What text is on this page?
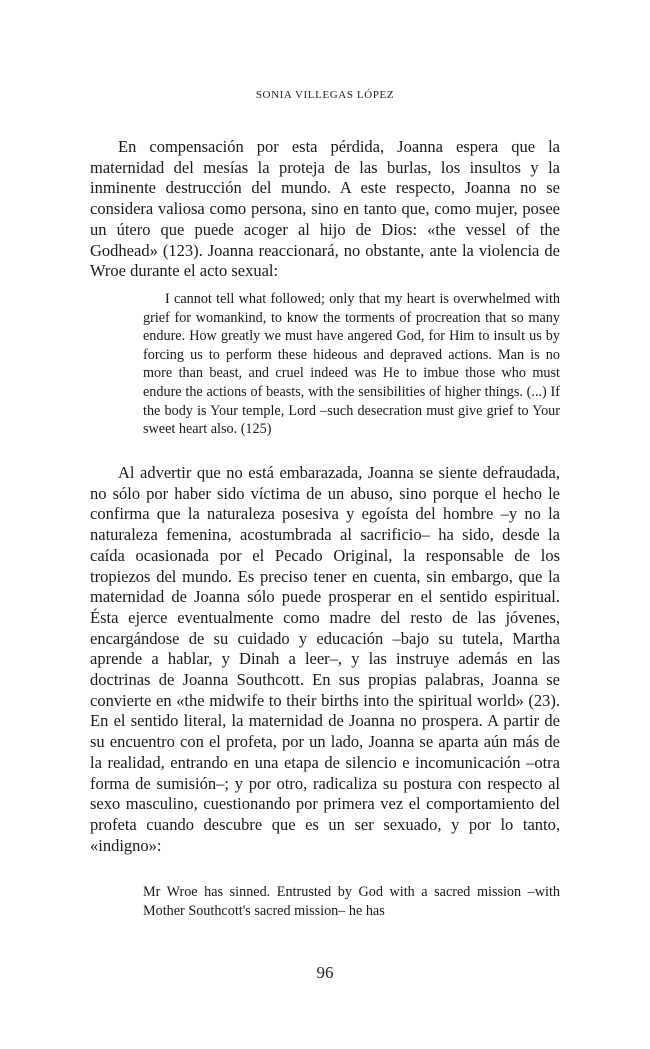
SONIA VILLEGAS LÓPEZ

En compensación por esta pérdida, Joanna espera que la maternidad del mesías la proteja de las burlas, los insultos y la inminente destrucción del mundo. A este respecto, Joanna no se considera valiosa como persona, sino en tanto que, como mujer, posee un útero que puede acoger al hijo de Dios: «the vessel of the Godhead» (123). Joanna reaccionará, no obstante, ante la violencia de Wroe durante el acto sexual:

I cannot tell what followed; only that my heart is overwhelmed with grief for womankind, to know the torments of procreation that so many endure. How greatly we must have angered God, for Him to insult us by forcing us to perform these hideous and depraved actions. Man is no more than beast, and cruel indeed was He to imbue those who must endure the actions of beasts, with the sensibilities of higher things. (...) If the body is Your temple, Lord –such desecration must give grief to Your sweet heart also. (125)

Al advertir que no está embarazada, Joanna se siente defraudada, no sólo por haber sido víctima de un abuso, sino porque el hecho le confirma que la naturaleza posesiva y egoísta del hombre –y no la naturaleza femenina, acostumbrada al sacrificio– ha sido, desde la caída ocasionada por el Pecado Original, la responsable de los tropiezos del mundo. Es preciso tener en cuenta, sin embargo, que la maternidad de Joanna sólo puede prosperar en el sentido espiritual. Ésta ejerce eventualmente como madre del resto de las jóvenes, encargándose de su cuidado y educación –bajo su tutela, Martha aprende a hablar, y Dinah a leer–, y las instruye además en las doctrinas de Joanna Southcott. En sus propias palabras, Joanna se convierte en «the midwife to their births into the spiritual world» (23). En el sentido literal, la maternidad de Joanna no prospera. A partir de su encuentro con el profeta, por un lado, Joanna se aparta aún más de la realidad, entrando en una etapa de silencio e incomunicación –otra forma de sumisión–; y por otro, radicaliza su postura con respecto al sexo masculino, cuestionando por primera vez el comportamiento del profeta cuando descubre que es un ser sexuado, y por lo tanto, «indigno»:

Mr Wroe has sinned. Entrusted by God with a sacred mission –with Mother Southcott's sacred mission– he has

96
